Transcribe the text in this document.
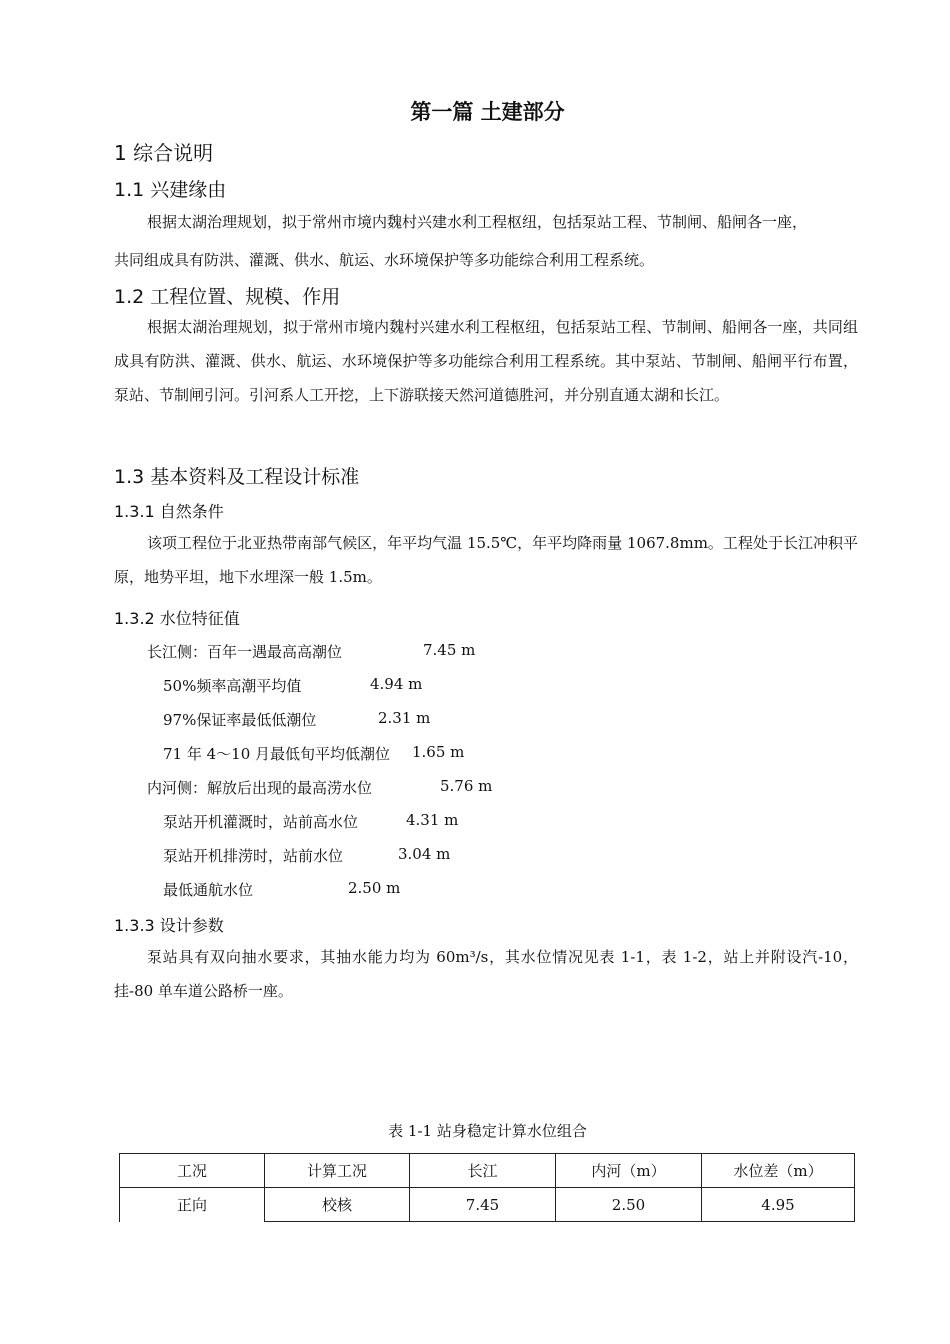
第一篇 土建部分
1 综合说明
1.1 兴建缘由
根据太湖治理规划，拟于常州市境内魏村兴建水利工程枢纽，包括泵站工程、节制闸、船闸各一座，
共同组成具有防洪、灌溉、供水、航运、水环境保护等多功能综合利用工程系统。
1.2 工程位置、规模、作用
根据太湖治理规划，拟于常州市境内魏村兴建水利工程枢纽，包括泵站工程、节制闸、船闸各一座，共同组成具有防洪、灌溉、供水、航运、水环境保护等多功能综合利用工程系统。其中泵站、节制闸、船闸平行布置，泵站、节制闸引河。引河系人工开挖，上下游联接天然河道德胜河，并分别直通太湖和长江。
1.3 基本资料及工程设计标准
1.3.1 自然条件
该项工程位于北亚热带南部气候区，年平均气温 15.5℃，年平均降雨量 1067.8mm。工程处于长江冲积平原，地势平坦，地下水埋深一般 1.5m。
1.3.2 水位特征值
长江侧：百年一遇最高高潮位	7.45 m
50%频率高潮平均值	4.94 m
97%保证率最低低潮位	2.31 m
71 年 4～10 月最低旬平均低潮位 1.65 m
内河侧：解放后出现的最高涝水位	5.76 m
泵站开机灌溉时，站前高水位	4.31 m
泵站开机排涝时，站前水位	3.04 m
最低通航水位	2.50 m
1.3.3 设计参数
泵站具有双向抽水要求，其抽水能力均为 60m³/s，其水位情况见表 1-1，表 1-2，站上并附设汽-10，挂-80 单车道公路桥一座。
表 1-1 站身稳定计算水位组合
工况	计算工况	长江	内河（m）	水位差（m）
正向	校核	7.45	2.50	4.95
